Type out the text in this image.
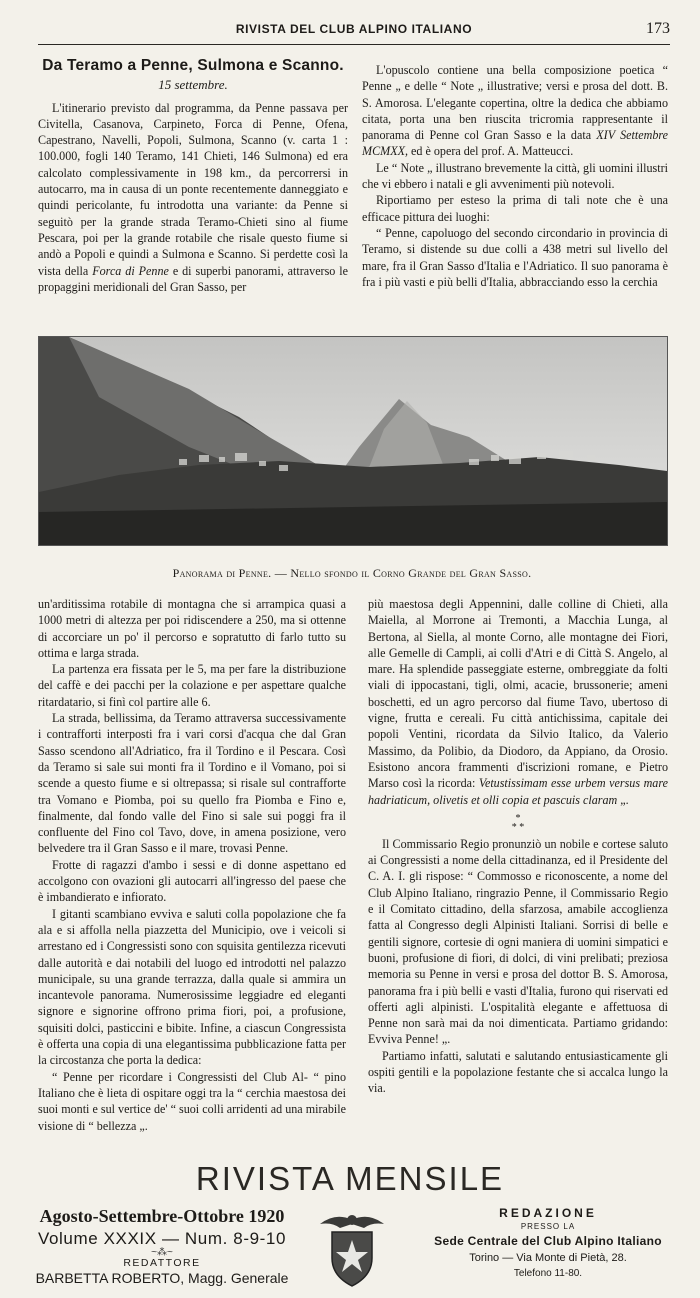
RIVISTA DEL CLUB ALPINO ITALIANO	173
Da Teramo a Penne, Sulmona e Scanno.
15 settembre.

L'itinerario previsto dal programma, da Penne passava per Civitella, Casanova, Carpineto, Forca di Penne, Ofena, Capestrano, Navelli, Popoli, Sulmona, Scanno (v. carta 1 : 100.000, fogli 140 Teramo, 141 Chieti, 146 Sulmona) ed era calcolato complessivamente in 198 km., da percorrersi in autocarro, ma in causa di un ponte recentemente danneggiato e quindi pericolante, fu introdotta una variante: da Penne si seguitò per la grande strada Teramo-Chieti sino al fiume Pescara, poi per la grande rotabile che risale questo fiume si andò a Popoli e quindi a Sulmona e Scanno. Si perdette così la vista della Forca di Penne e di superbi panorami, attraverso le propaggini meridionali del Gran Sasso, per

L'opuscolo contiene una bella composizione poetica “ Penne „ e delle “ Note „ illustrative; versi e prosa del dott. B. S. Amorosa. L'elegante copertina, oltre la dedica che abbiamo citata, porta una ben riuscita tricromia rappresentante il panorama di Penne col Gran Sasso e la data XIV Settembre MCMXX, ed è opera del prof. A. Matteucci.

Le “ Note „ illustrano brevemente la città, gli uomini illustri che vi ebbero i natali e gli avvenimenti più notevoli.

Riportiamo per esteso la prima di tali note che è una efficace pittura dei luoghi:

“ Penne, capoluogo del secondo circondario in provincia di Teramo, si distende su due colli a 438 metri sul livello del mare, fra il Gran Sasso d'Italia e l'Adriatico. Il suo panorama è fra i più vasti e più belli d'Italia, abbracciando esso la cerchia

Panorama di Penne. — Nello sfondo il Corno Grande del Gran Sasso.

un'arditissima rotabile di montagna che si arrampica quasi a 1000 metri di altezza per poi ridiscendere a 250, ma si ottenne di accorciare un po' il percorso e sopratutto di farlo tutto su ottima e larga strada.

La partenza era fissata per le 5, ma per fare la distribuzione del caffè e dei pacchi per la colazione e per aspettare qualche ritardatario, si finì col partire alle 6.

La strada, bellissima, da Teramo attraversa successivamente i contrafforti interposti fra i vari corsi d'acqua che dal Gran Sasso scendono all'Adriatico, fra il Tordino e il Pescara. Così da Teramo si sale sui monti fra il Tordino e il Vomano, poi si scende a questo fiume e si oltrepassa; si risale sul contrafforte tra Vomano e Piomba, poi su quello fra Piomba e Fino e, finalmente, dal fondo valle del Fino si sale sui poggi fra il confluente del Fino col Tavo, dove, in amena posizione, vero belvedere tra il Gran Sasso e il mare, trovasi Penne.

Frotte di ragazzi d'ambo i sessi e di donne aspettano ed accolgono con ovazioni gli autocarri all'ingresso del paese che è imbandierato e infiorato.

I gitanti scambiano evviva e saluti colla popolazione che fa ala e si affolla nella piazzetta del Municipio, ove i veicoli si arrestano ed i Congressisti sono con squisita gentilezza ricevuti dalle autorità e dai notabili del luogo ed introdotti nel palazzo municipale, su una grande terrazza, dalla quale si ammira un incantevole panorama. Numerosissime leggiadre ed eleganti signore e signorine offrono prima fiori, poi, a profusione, squisiti dolci, pasticcini e bibite. Infine, a ciascun Congressista è offerta una copia di una elegantissima pubblicazione fatta per la circostanza che porta la dedica:

“ Penne per ricordare i Congressisti del Club Al- “ pino Italiano che è lieta di ospitare oggi tra la “ cerchia maestosa dei suoi monti e sul vertice de' “ suoi colli arridenti ad una mirabile visione di “ bellezza „.

più maestosa degli Appennini, dalle colline di Chieti, alla Maiella, al Morrone ai Tremonti, a Macchia Lunga, al Bertona, al Siella, al monte Corno, alle montagne dei Fiori, alle Gemelle di Campli, ai colli d'Atri e di Città S. Angelo, al mare. Ha splendide passeggiate esterne, ombreggiate da folti viali di ippocastani, tigli, olmi, acacie, brussonerie; ameni boschetti, ed un agro percorso dal fiume Tavo, ubertoso di vigne, frutta e cereali. Fu città antichissima, capitale dei popoli Ventini, ricordata da Silvio Italico, da Valerio Massimo, da Polibio, da Diodoro, da Appiano, da Orosio. Esistono ancora frammenti d'iscrizioni romane, e Pietro Marso così la ricorda: Vetustissimam esse urbem versus mare hadriaticum, olivetis et olli copia et pascuis claram „.

*
* *

Il Commissario Regio pronunziò un nobile e cortese saluto ai Congressisti a nome della cittadinanza, ed il Presidente del C. A. I. gli rispose: “ Commosso e riconoscente, a nome del Club Alpino Italiano, ringrazio Penne, il Commissario Regio e il Comitato cittadino, della sfarzosa, amabile accoglienza fatta al Congresso degli Alpinisti Italiani. Sorrisi di belle e gentili signore, cortesie di ogni maniera di uomini simpatici e buoni, profusione di fiori, di dolci, di vini prelibati; preziosa memoria su Penne in versi e prosa del dottor B. S. Amorosa, panorama fra i più belli e vasti d'Italia, furono qui riservati ed offerti agli alpinisti. L'ospitalità elegante e affettuosa di Penne non sarà mai da noi dimenticata. Partiamo gridando: Evviva Penne! „.

Partiamo infatti, salutati e salutando entusiasticamente gli ospiti gentili e la popolazione festante che si accalca lungo la via.

RIVISTA MENSILE
Agosto-Settembre-Ottobre 1920
Volume XXXIX — Num. 8-9-10
~⁂~
REDATTORE
BARBETTA ROBERTO, Magg. Generale
REDAZIONE
PRESSO LA
Sede Centrale del Club Alpino Italiano
Torino — Via Monte di Pietà, 28.
Telefono 11-80.
